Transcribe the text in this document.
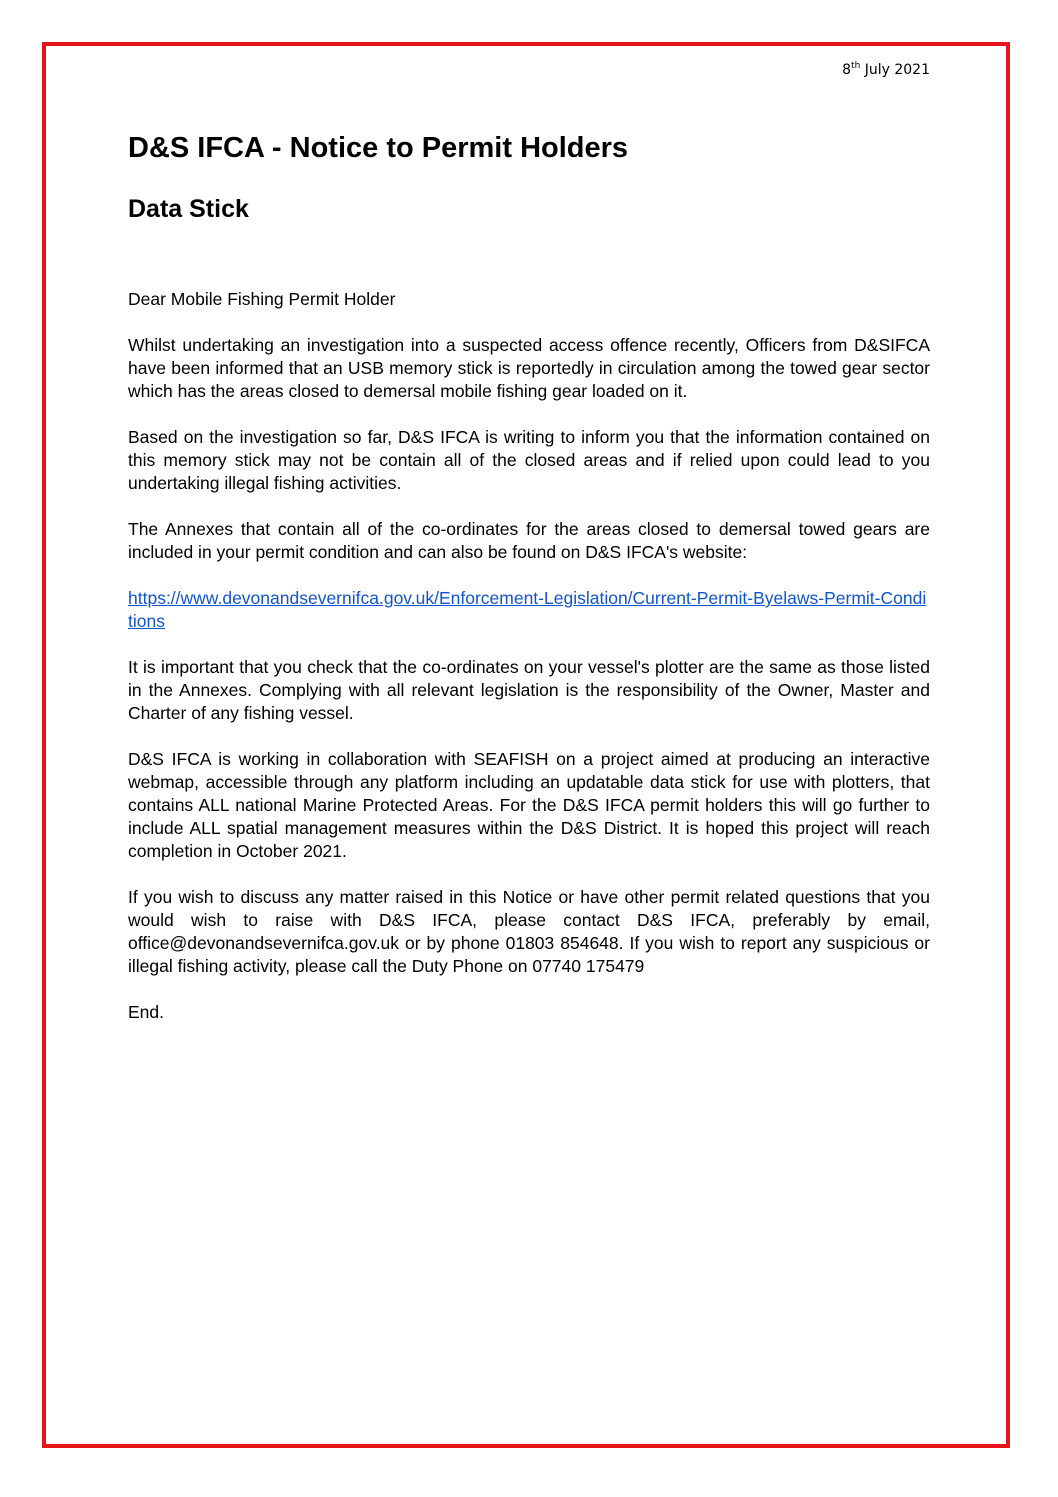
8th July 2021
D&S IFCA - Notice to Permit Holders
Data Stick

Dear Mobile Fishing Permit Holder

Whilst undertaking an investigation into a suspected access offence recently, Officers from D&SIFCA have been informed that an USB memory stick is reportedly in circulation among the towed gear sector which has the areas closed to demersal mobile fishing gear loaded on it.

Based on the investigation so far, D&S IFCA is writing to inform you that the information contained on this memory stick may not be contain all of the closed areas and if relied upon could lead to you undertaking illegal fishing activities.

The Annexes that contain all of the co-ordinates for the areas closed to demersal towed gears are included in your permit condition and can also be found on D&S IFCA's website:

https://www.devonandsevernifca.gov.uk/Enforcement-Legislation/Current-Permit-Byelaws-Permit-Conditions

It is important that you check that the co-ordinates on your vessel's plotter are the same as those listed in the Annexes. Complying with all relevant legislation is the responsibility of the Owner, Master and Charter of any fishing vessel.

D&S IFCA is working in collaboration with SEAFISH on a project aimed at producing an interactive webmap, accessible through any platform including an updatable data stick for use with plotters, that contains ALL national Marine Protected Areas. For the D&S IFCA permit holders this will go further to include ALL spatial management measures within the D&S District. It is hoped this project will reach completion in October 2021.

If you wish to discuss any matter raised in this Notice or have other permit related questions that you would wish to raise with D&S IFCA, please contact D&S IFCA, preferably by email, office@devonandsevernifca.gov.uk or by phone 01803 854648. If you wish to report any suspicious or illegal fishing activity, please call the Duty Phone on 07740 175479

End.
